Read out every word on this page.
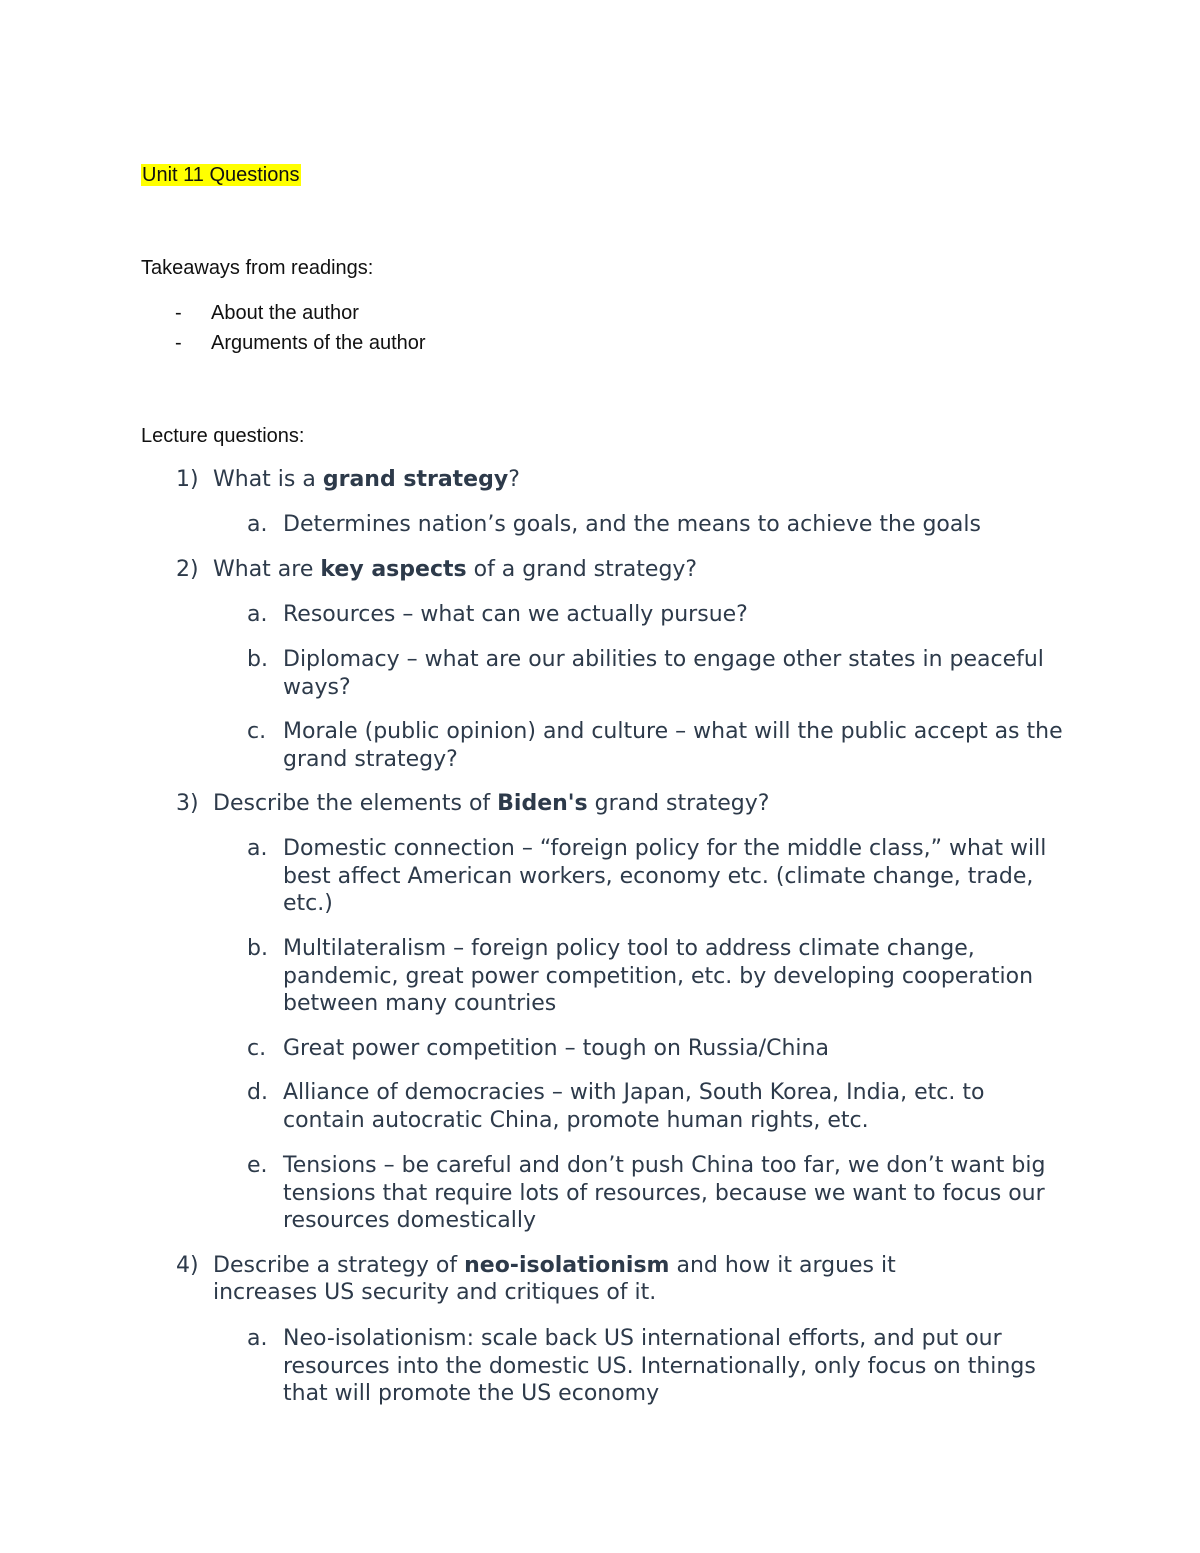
Unit 11 Questions
Takeaways from readings:
- About the author
- Arguments of the author
Lecture questions:
1) What is a grand strategy?
a. Determines nation’s goals, and the means to achieve the goals
2) What are key aspects of a grand strategy?
a. Resources – what can we actually pursue?
b. Diplomacy – what are our abilities to engage other states in peaceful ways?
c. Morale (public opinion) and culture – what will the public accept as the grand strategy?
3) Describe the elements of Biden's grand strategy?
a. Domestic connection – “foreign policy for the middle class,” what will best affect American workers, economy etc. (climate change, trade, etc.)
b. Multilateralism – foreign policy tool to address climate change, pandemic, great power competition, etc. by developing cooperation between many countries
c. Great power competition – tough on Russia/China
d. Alliance of democracies – with Japan, South Korea, India, etc. to contain autocratic China, promote human rights, etc.
e. Tensions – be careful and don’t push China too far, we don’t want big tensions that require lots of resources, because we want to focus our resources domestically
4) Describe a strategy of neo-isolationism and how it argues it increases US security and critiques of it.
a. Neo-isolationism: scale back US international efforts, and put our resources into the domestic US. Internationally, only focus on things that will promote the US economy
